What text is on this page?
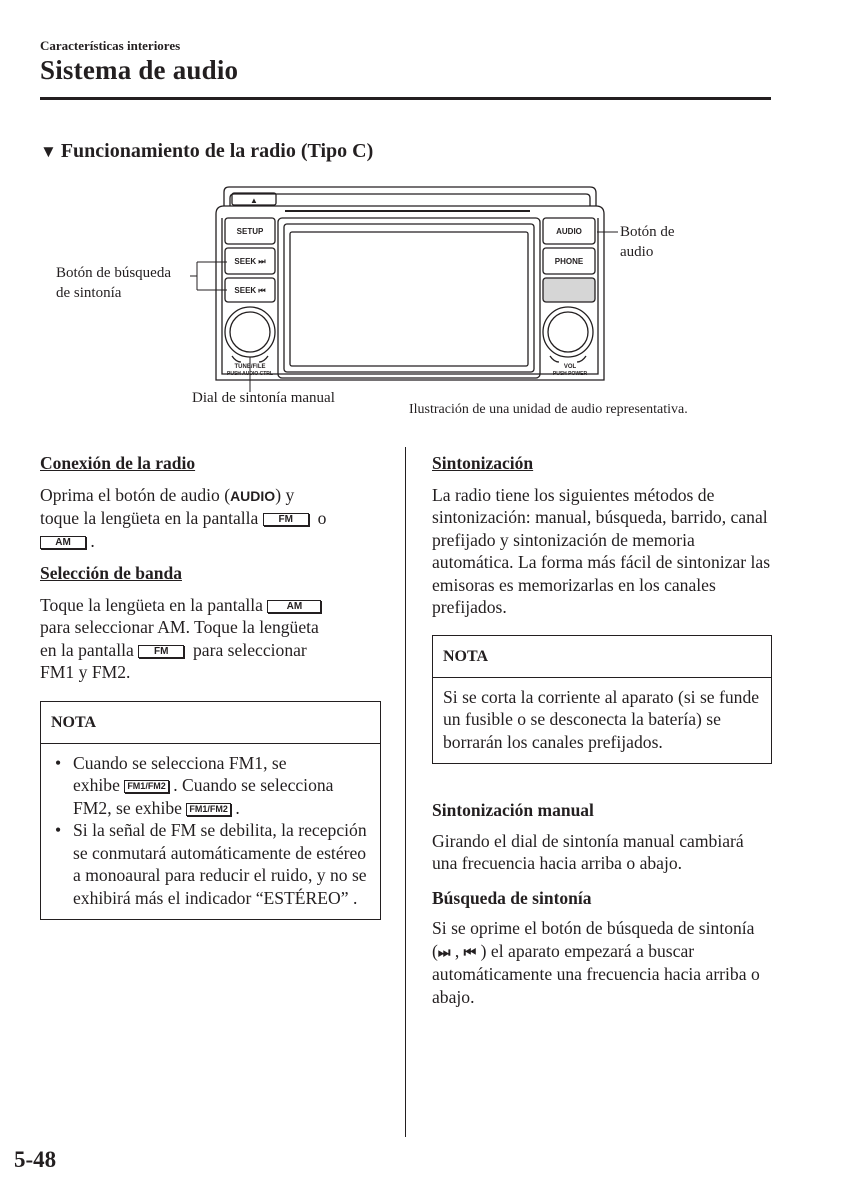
Características interiores
Sistema de audio
▼ Funcionamiento de la radio (Tipo C)
SETUP
SEEK ⏭
SEEK ⏮
AUDIO
PHONE
▲
TUNE/FILE
PUSH AUDIO CTRL
VOL
PUSH POWER
Botón de
audio
Botón de búsqueda
de sintonía
Dial de sintonía manual
Ilustración de una unidad de audio representativa.

Conexión de la radio

Oprima el botón de audio (AUDIO) y
toque la lengüeta en la pantalla FM o
AM .

Selección de banda

Toque la lengüeta en la pantalla AM
para seleccionar AM. Toque la lengüeta
en la pantalla FM para seleccionar
FM1 y FM2.

NOTA

• Cuando se selecciona FM1, se
exhibe FM1/FM2 . Cuando se selecciona
FM2, se exhibe FM1/FM2 .

• Si la señal de FM se debilita, la recepción se conmutará automáticamente de estéreo a monoaural para reducir el ruido, y no se exhibirá más el indicador “ESTÉREO” .

Sintonización

La radio tiene los siguientes métodos de sintonización: manual, búsqueda, barrido, canal prefijado y sintonización de memoria automática. La forma más fácil de sintonizar las emisoras es memorizarlas en los canales prefijados.

NOTA
Si se corta la corriente al aparato (si se funde un fusible o se desconecta la batería) se borrarán los canales prefijados.

Sintonización manual

Girando el dial de sintonía manual cambiará una frecuencia hacia arriba o abajo.

Búsqueda de sintonía

Si se oprime el botón de búsqueda de sintonía (⏭ , ⏮ ) el aparato empezará a buscar automáticamente una frecuencia hacia arriba o abajo.

5-48
